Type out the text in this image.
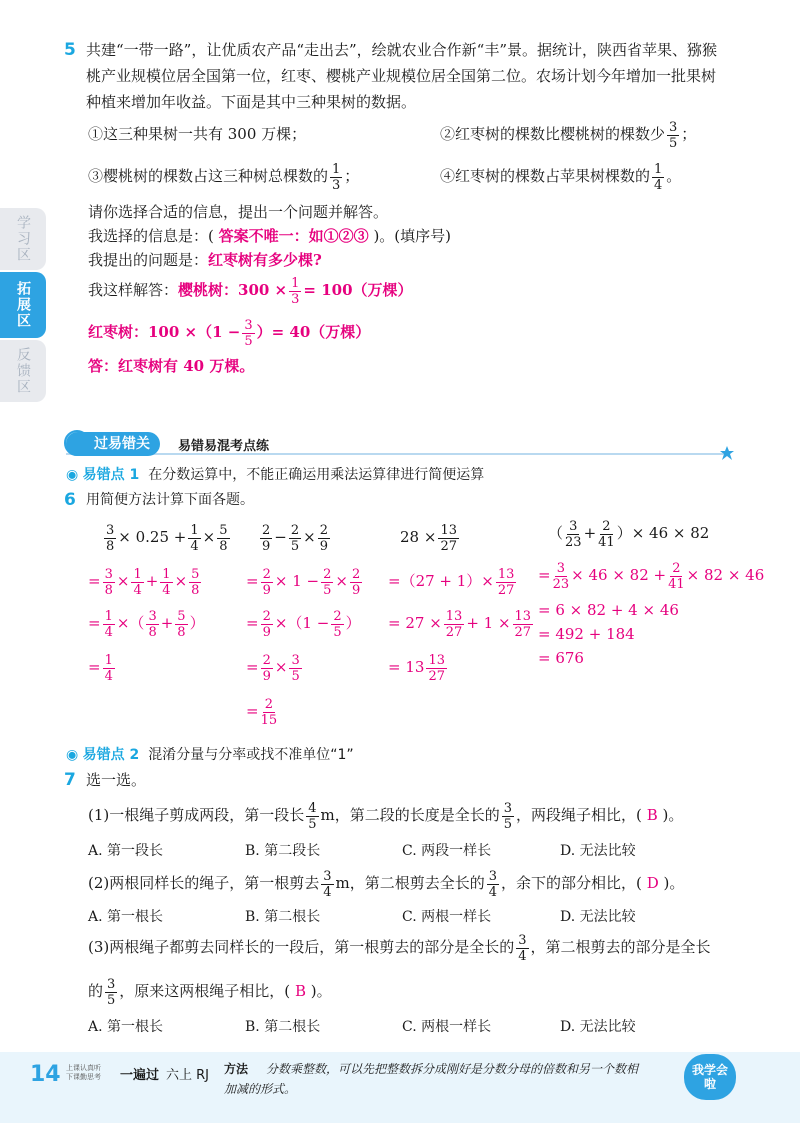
学习区
拓展区
反馈区
5 共建“一带一路”，让优质农产品“走出去”，绘就农业合作新“丰”景。据统计，陕西省苹果、猕猴
桃产业规模位居全国第一位，红枣、樱桃产业规模位居全国第二位。农场计划今年增加一批果树
种植来增加年收益。下面是其中三种果树的数据。
①这三种果树一共有 300 万棵；	②红枣树的棵数比樱桃树的棵数少 $\frac{3}{5}$ ；
③樱桃树的棵数占这三种树总棵数的 $\frac{1}{3}$ ；	④红枣树的棵数占苹果树棵数的 $\frac{1}{4}$ 。
请你选择合适的信息，提出一个问题并解答。
我选择的信息是：( 答案不唯一：如①②③ )。(填序号)
我提出的问题是：红枣树有多少棵?
我这样解答：樱桃树：$300 \times \frac{1}{3} = 100$（万棵）
红枣树：$100 \times(1 - \frac{3}{5}$ ）= 40（万棵）
答：红枣树有 40 万棵。
过易错关	易错易混考点练
◉ 易错点 1 在分数运算中，不能正确运用乘法运算律进行简便运算
6 用简便方法计算下面各题。
$\frac{3}{8} \times 0.25 + \frac{1}{4} \times \frac{5}{8}$
= $\frac{3}{8} \times \frac{1}{4} + \frac{1}{4} \times \frac{5}{8}$
= $\frac{1}{4}$ ×（ $\frac{3}{8} + \frac{5}{8}$ ）
= $\frac{1}{4}$
$\frac{2}{9} - \frac{2}{5} \times \frac{2}{9}$
= $\frac{2}{9} \times 1 - \frac{2}{5} \times \frac{2}{9}$
= $\frac{2}{9} \times(1 - \frac{2}{5}$ ）
= $\frac{2}{9} \times \frac{3}{5}$
= $\frac{2}{15}$
$28 \times \frac{13}{27}$
$=(27 + 1)\times \frac{13}{27}$
= $27 \times \frac{13}{27} + 1 \times \frac{13}{27}$
= $13 \frac{13}{27}$
（ $\frac{3}{23} + \frac{2}{41}$ ）× 46 × 82
= $\frac{3}{23} \times 46 \times 82 + \frac{2}{41} \times 82 \times 46$
= 6 × 82 + 4 × 46
= 492 + 184
= 676
◉ 易错点 2 混淆分量与分率或找不准单位“1”
7 选一选。
(1)一根绳子剪成两段，第一段长 $\frac{4}{5}$ m，第二段的长度是全长的 $\frac{3}{5}$ ，两段绳子相比，( B )。
A. 第一段长	B. 第二段长	C. 两段一样长	D. 无法比较
(2)两根同样长的绳子，第一根剪去 $\frac{3}{4}$ m，第二根剪去全长的 $\frac{3}{4}$ ，余下的部分相比，( D )。
A. 第一根长	B. 第二根长	C. 两根一样长	D. 无法比较
(3)两根绳子都剪去同样长的一段后，第一根剪去的部分是全长的 $\frac{3}{4}$ ，第二根剪去的部分是全长
的 $\frac{3}{5}$ ，原来这两根绳子相比，( B )。
A. 第一根长	B. 第二根长	C. 两根一样长	D. 无法比较
14 上课认真听
下课勤思考 一遍过 六上 RJ 方法 分数乘整数，可以先把整数拆分成刚好是分数分母的倍数和另一个数相
加减的形式。
我学会啦
